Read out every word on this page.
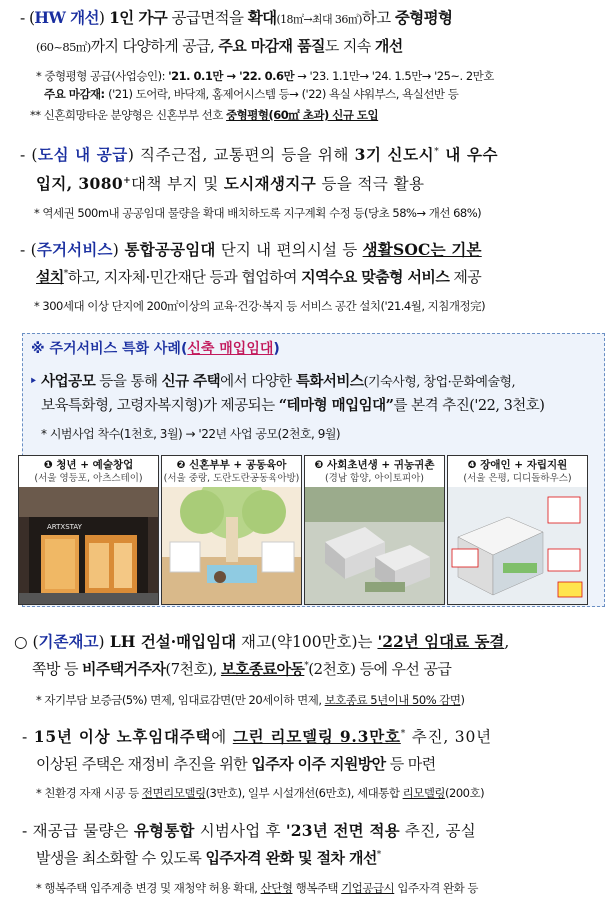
- (HW 개선) 1인 가구 공급면적을 확대(18㎡→최대 36㎡)하고 중형평형
(60~85㎡)까지 다양하게 공급, 주요 마감재 품질도 지속 개선
* 중형평형 공급(사업승인): '21. 0.1만 → '22. 0.6만 → '23. 1.1만→ '24. 1.5만→ '25~. 2만호
주요 마감재: ('21) 도어락, 바닥재, 홈제어시스템 등→ ('22) 욕실 샤워부스, 욕실선반 등
** 신혼희망타운 분양형은 신혼부부 선호 중형평형(60㎡ 초과) 신규 도입
- (도심 내 공급) 직주근접, 교통편의 등을 위해 3기 신도시* 내 우수
입지, 3080+대책 부지 및 도시재생지구 등을 적극 활용
* 역세권 500m내 공공임대 물량을 확대 배치하도록 지구계획 수정 등(당초 58%→ 개선 68%)
- (주거서비스) 통합공공임대 단지 내 편의시설 등 생활SOC는 기본
설치*하고, 지자체·민간재단 등과 협업하여 지역수요 맞춤형 서비스 제공
* 300세대 이상 단지에 200㎡이상의 교육·건강·복지 등 서비스 공간 설치('21.4월, 지침개정完)
※ 주거서비스 특화 사례(신축 매입임대)
‣ 사업공모 등을 통해 신규 주택에서 다양한 특화서비스(기숙사형, 창업·문화예술형,
보육특화형, 고령자복지형)가 제공되는 “테마형 매입임대”를 본격 추진('22, 3천호)
* 시범사업 착수(1천호, 3월) → '22년 사업 공모(2천호, 9월)
❶ 청년 + 예술창업
(서울 영등포, 아츠스테이)
ARTXSTAY
❷ 신혼부부 + 공동육아
(서울 중랑, 도란도란공동육아방)
❸ 사회초년생 + 귀농귀촌
(경남 함양, 아이토피아)
❹ 장애인 + 자립지원
(서울 은평, 디디돌하우스)
○ (기존재고) LH 건설·매입임대 재고(약100만호)는 '22년 임대료 동결,
쪽방 등 비주택거주자(7천호), 보호종료아동*(2천호) 등에 우선 공급
* 자기부담 보증금(5%) 면제, 임대료감면(만 20세이하 면제, 보호종료 5년이내 50% 감면)
- 15년 이상 노후임대주택에 그린 리모델링 9.3만호* 추진, 30년
이상된 주택은 재정비 추진을 위한 입주자 이주 지원방안 등 마련
* 친환경 자재 시공 등 전면리모델링(3만호), 일부 시설개선(6만호), 세대통합 리모델링(200호)
- 재공급 물량은 유형통합 시범사업 후 '23년 전면 적용 추진, 공실
발생을 최소화할 수 있도록 입주자격 완화 및 절차 개선*
* 행복주택 입주계층 변경 및 재청약 허용 확대, 산단형 행복주택 기업공급시 입주자격 완화 등
